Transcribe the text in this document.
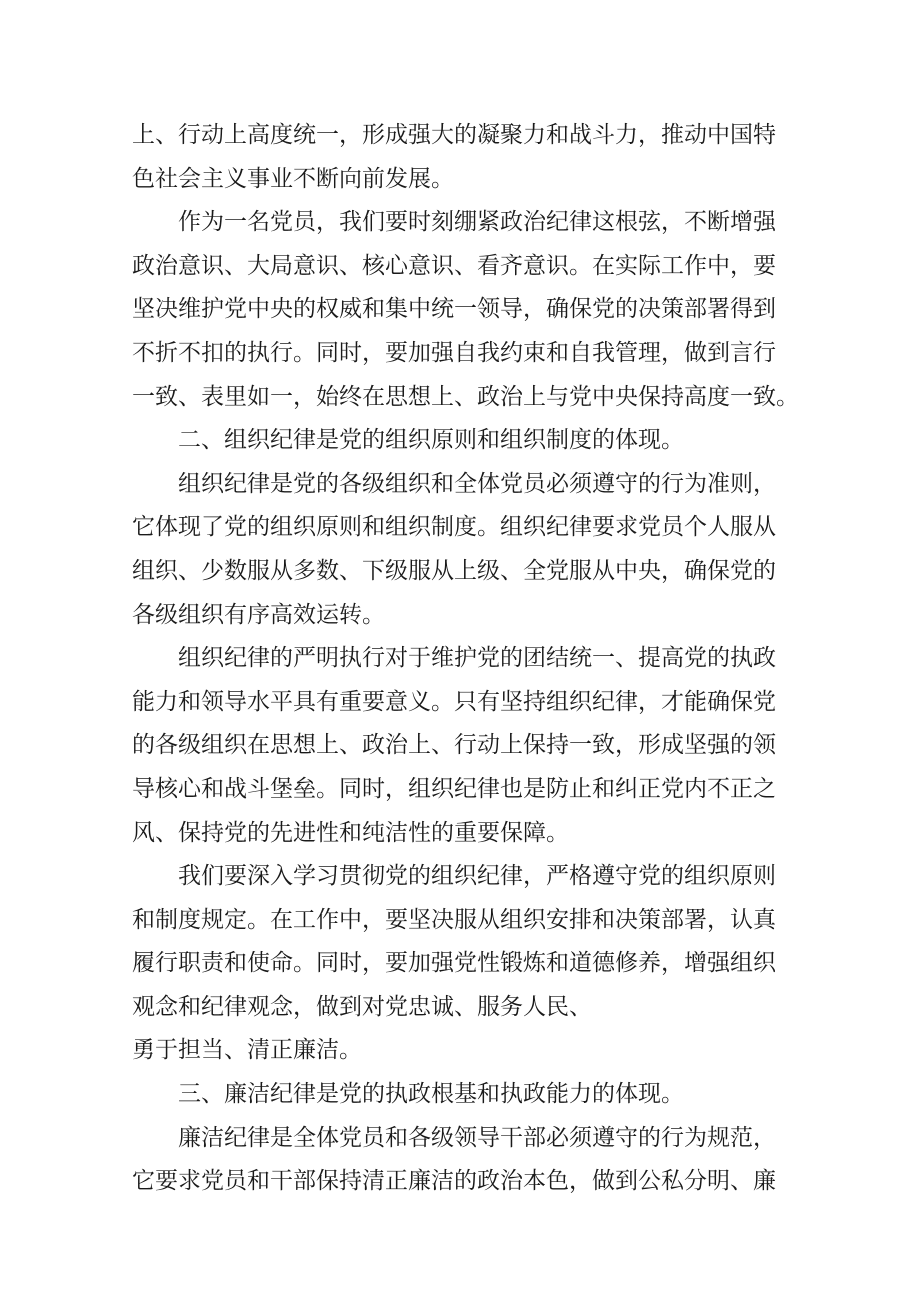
上、行动上高度统一，形成强大的凝聚力和战斗力，推动中国特
色社会主义事业不断向前发展。
作为一名党员，我们要时刻绷紧政治纪律这根弦，不断增强
政治意识、大局意识、核心意识、看齐意识。在实际工作中，要
坚决维护党中央的权威和集中统一领导，确保党的决策部署得到
不折不扣的执行。同时，要加强自我约束和自我管理，做到言行
一致、表里如一，始终在思想上、政治上与党中央保持高度一致。
二、组织纪律是党的组织原则和组织制度的体现。
组织纪律是党的各级组织和全体党员必须遵守的行为准则，
它体现了党的组织原则和组织制度。组织纪律要求党员个人服从
组织、少数服从多数、下级服从上级、全党服从中央，确保党的
各级组织有序高效运转。
组织纪律的严明执行对于维护党的团结统一、提高党的执政
能力和领导水平具有重要意义。只有坚持组织纪律，才能确保党
的各级组织在思想上、政治上、行动上保持一致，形成坚强的领
导核心和战斗堡垒。同时，组织纪律也是防止和纠正党内不正之
风、保持党的先进性和纯洁性的重要保障。
我们要深入学习贯彻党的组织纪律，严格遵守党的组织原则
和制度规定。在工作中，要坚决服从组织安排和决策部署，认真
履行职责和使命。同时，要加强党性锻炼和道德修养，增强组织
观念和纪律观念，做到对党忠诚、服务人民、
勇于担当、清正廉洁。
三、廉洁纪律是党的执政根基和执政能力的体现。
廉洁纪律是全体党员和各级领导干部必须遵守的行为规范，
它要求党员和干部保持清正廉洁的政治本色，做到公私分明、廉
